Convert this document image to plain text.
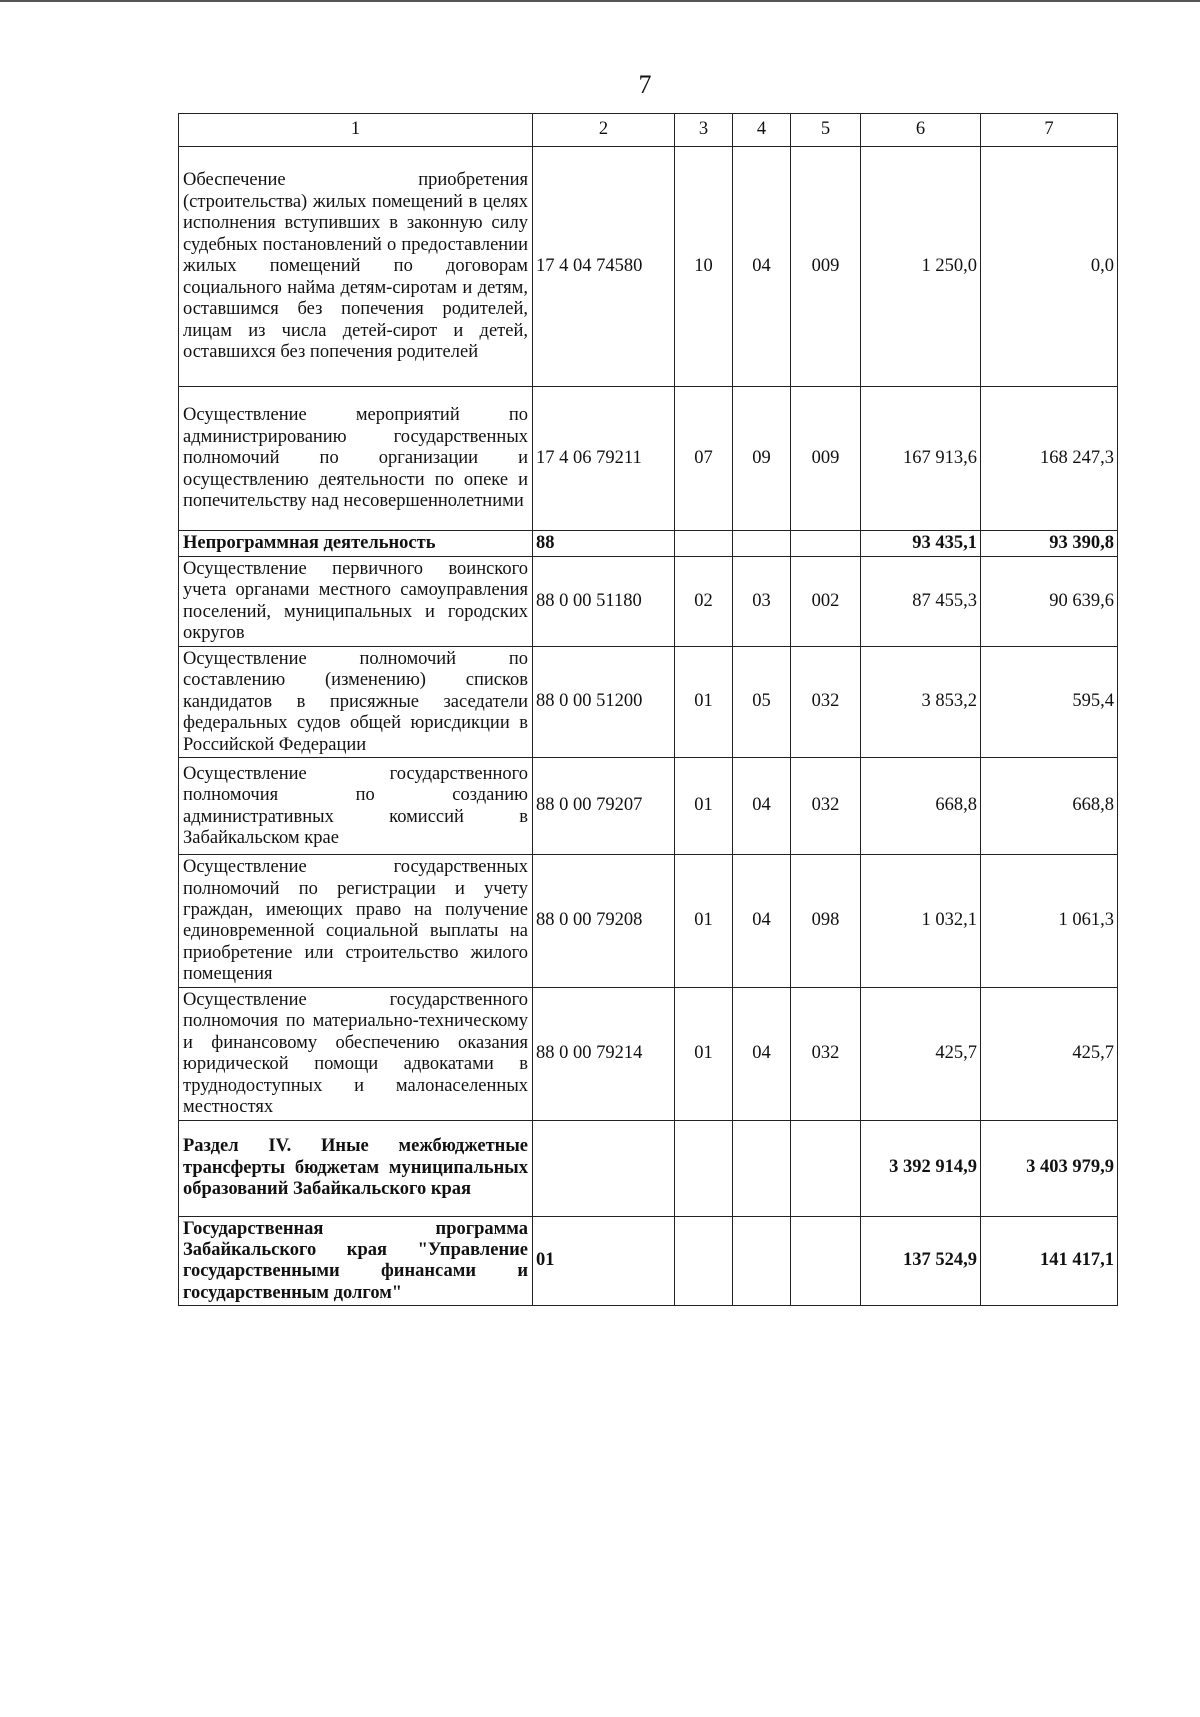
7
1	2	3	4	5	6	7
Обеспечение приобретения (строительства) жилых помещений в целях исполнения вступивших в законную силу судебных постановлений о предоставлении жилых помещений по договорам социального найма детям-сиротам и детям, оставшимся без попечения родителей, лицам из числа детей-сирот и детей, оставшихся без попечения родителей	17 4 04 74580	10	04	009	1 250,0	0,0
Осуществление мероприятий по администрированию государственных полномочий по организации и осуществлению деятельности по опеке и попечительству над несовершеннолетними	17 4 06 79211	07	09	009	167 913,6	168 247,3
Непрограммная деятельность	88				93 435,1	93 390,8
Осуществление первичного воинского учета органами местного самоуправления поселений, муниципальных и городских округов	88 0 00 51180	02	03	002	87 455,3	90 639,6
Осуществление полномочий по составлению (изменению) списков кандидатов в присяжные заседатели федеральных судов общей юрисдикции в Российской Федерации	88 0 00 51200	01	05	032	3 853,2	595,4
Осуществление государственного полномочия по созданию административных комиссий в Забайкальском крае	88 0 00 79207	01	04	032	668,8	668,8
Осуществление государственных полномочий по регистрации и учету граждан, имеющих право на получение единовременной социальной выплаты на приобретение или строительство жилого помещения	88 0 00 79208	01	04	098	1 032,1	1 061,3
Осуществление государственного полномочия по материально-техническому и финансовому обеспечению оказания юридической помощи адвокатами в труднодоступных и малонаселенных местностях	88 0 00 79214	01	04	032	425,7	425,7
Раздел IV. Иные межбюджетные трансферты бюджетам муниципальных образований Забайкальского края					3 392 914,9	3 403 979,9
Государственная программа Забайкальского края "Управление государственными финансами и государственным долгом"	01				137 524,9	141 417,1
